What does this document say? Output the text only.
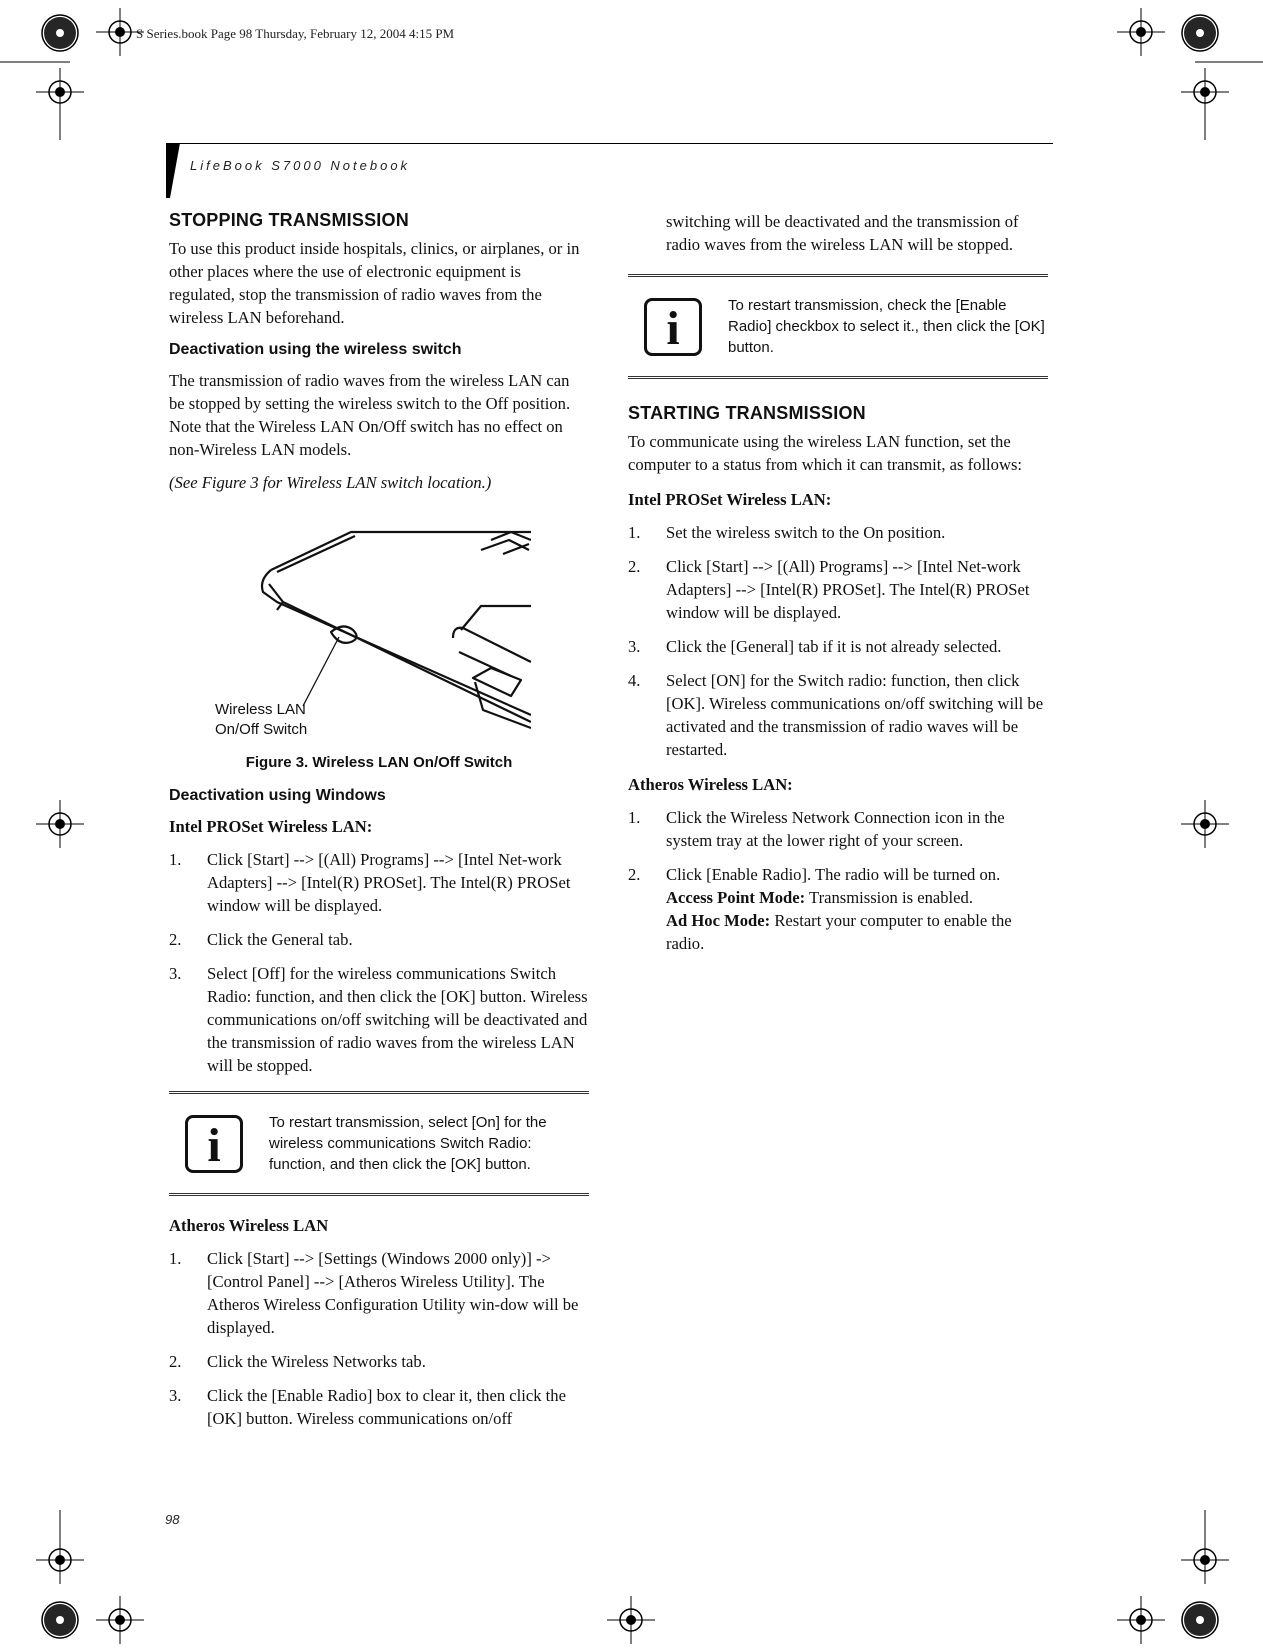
S Series.book Page 98 Thursday, February 12, 2004 4:15 PM
LifeBook S7000 Notebook
STOPPING TRANSMISSION

To use this product inside hospitals, clinics, or airplanes, or in other places where the use of electronic equipment is regulated, stop the transmission of radio waves from the wireless LAN beforehand.

Deactivation using the wireless switch

The transmission of radio waves from the wireless LAN can be stopped by setting the wireless switch to the Off position. Note that the Wireless LAN On/Off switch has no effect on non-Wireless LAN models.

(See Figure 3 for Wireless LAN switch location.)

Wireless LAN
On/Off Switch
Figure 3. Wireless LAN On/Off Switch
Deactivation using Windows

Intel PROSet Wireless LAN:

1. Click [Start] --> [(All) Programs] --> [Intel Net-work Adapters] --> [Intel(R) PROSet]. The Intel(R) PROSet window will be displayed.
2. Click the General tab.
3. Select [Off] for the wireless communications Switch Radio: function, and then click the [OK] button. Wireless communications on/off switching will be deactivated and the transmission of radio waves from the wireless LAN will be stopped.
i	To restart transmission, select [On] for the wireless communications Switch Radio: function, and then click the [OK] button.

Atheros Wireless LAN

1. Click [Start] --> [Settings (Windows 2000 only)] -> [Control Panel] --> [Atheros Wireless Utility]. The Atheros Wireless Configuration Utility win-dow will be displayed.
2. Click the Wireless Networks tab.
3. Click the [Enable Radio] box to clear it, then click the [OK] button. Wireless communications on/off

switching will be deactivated and the transmission of radio waves from the wireless LAN will be stopped.

i	To restart transmission, check the [Enable Radio] checkbox to select it., then click the [OK] button.
STARTING TRANSMISSION

To communicate using the wireless LAN function, set the computer to a status from which it can transmit, as follows:

Intel PROSet Wireless LAN:

1. Set the wireless switch to the On position.
2. Click [Start] --> [(All) Programs] --> [Intel Net-work Adapters] --> [Intel(R) PROSet]. The Intel(R) PROSet window will be displayed.
3. Click the [General] tab if it is not already selected.
4. Select [ON] for the Switch radio: function, then click [OK]. Wireless communications on/off switching will be activated and the transmission of radio waves will be restarted.

Atheros Wireless LAN:

1. Click the Wireless Network Connection icon in the system tray at the lower right of your screen.
2. Click [Enable Radio]. The radio will be turned on.
Access Point Mode: Transmission is enabled.
Ad Hoc Mode: Restart your computer to enable the radio.
98
